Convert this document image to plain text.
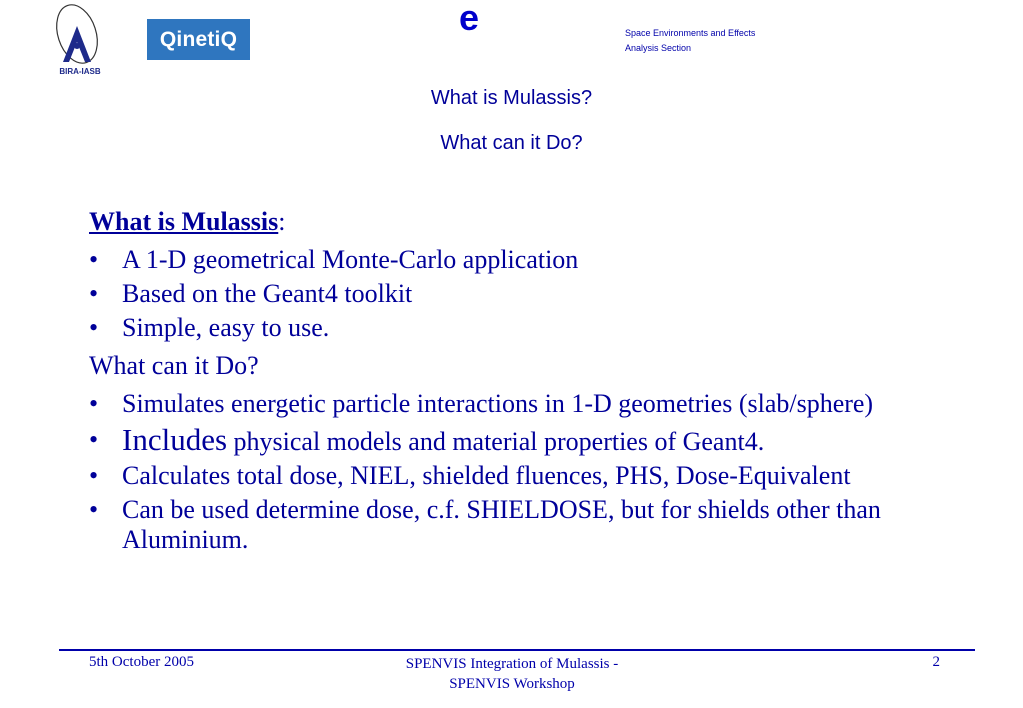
BIRA-IASB
QinetiQ
e	Space Environments and Effects
Analysis Section
What is Mulassis?
What can it Do?
What is Mulassis:
• A 1-D geometrical Monte-Carlo application
• Based on the Geant4 toolkit
• Simple, easy to use.
What can it Do?
• Simulates energetic particle interactions in 1-D geometries (slab/sphere)
• Includes physical models and material properties of Geant4.
• Calculates total dose, NIEL, shielded fluences, PHS, Dose-Equivalent
• Can be used determine dose, c.f. SHIELDOSE, but for shields other than Aluminium.
5th October 2005	SPENVIS Integration of Mulassis -
SPENVIS Workshop
2
